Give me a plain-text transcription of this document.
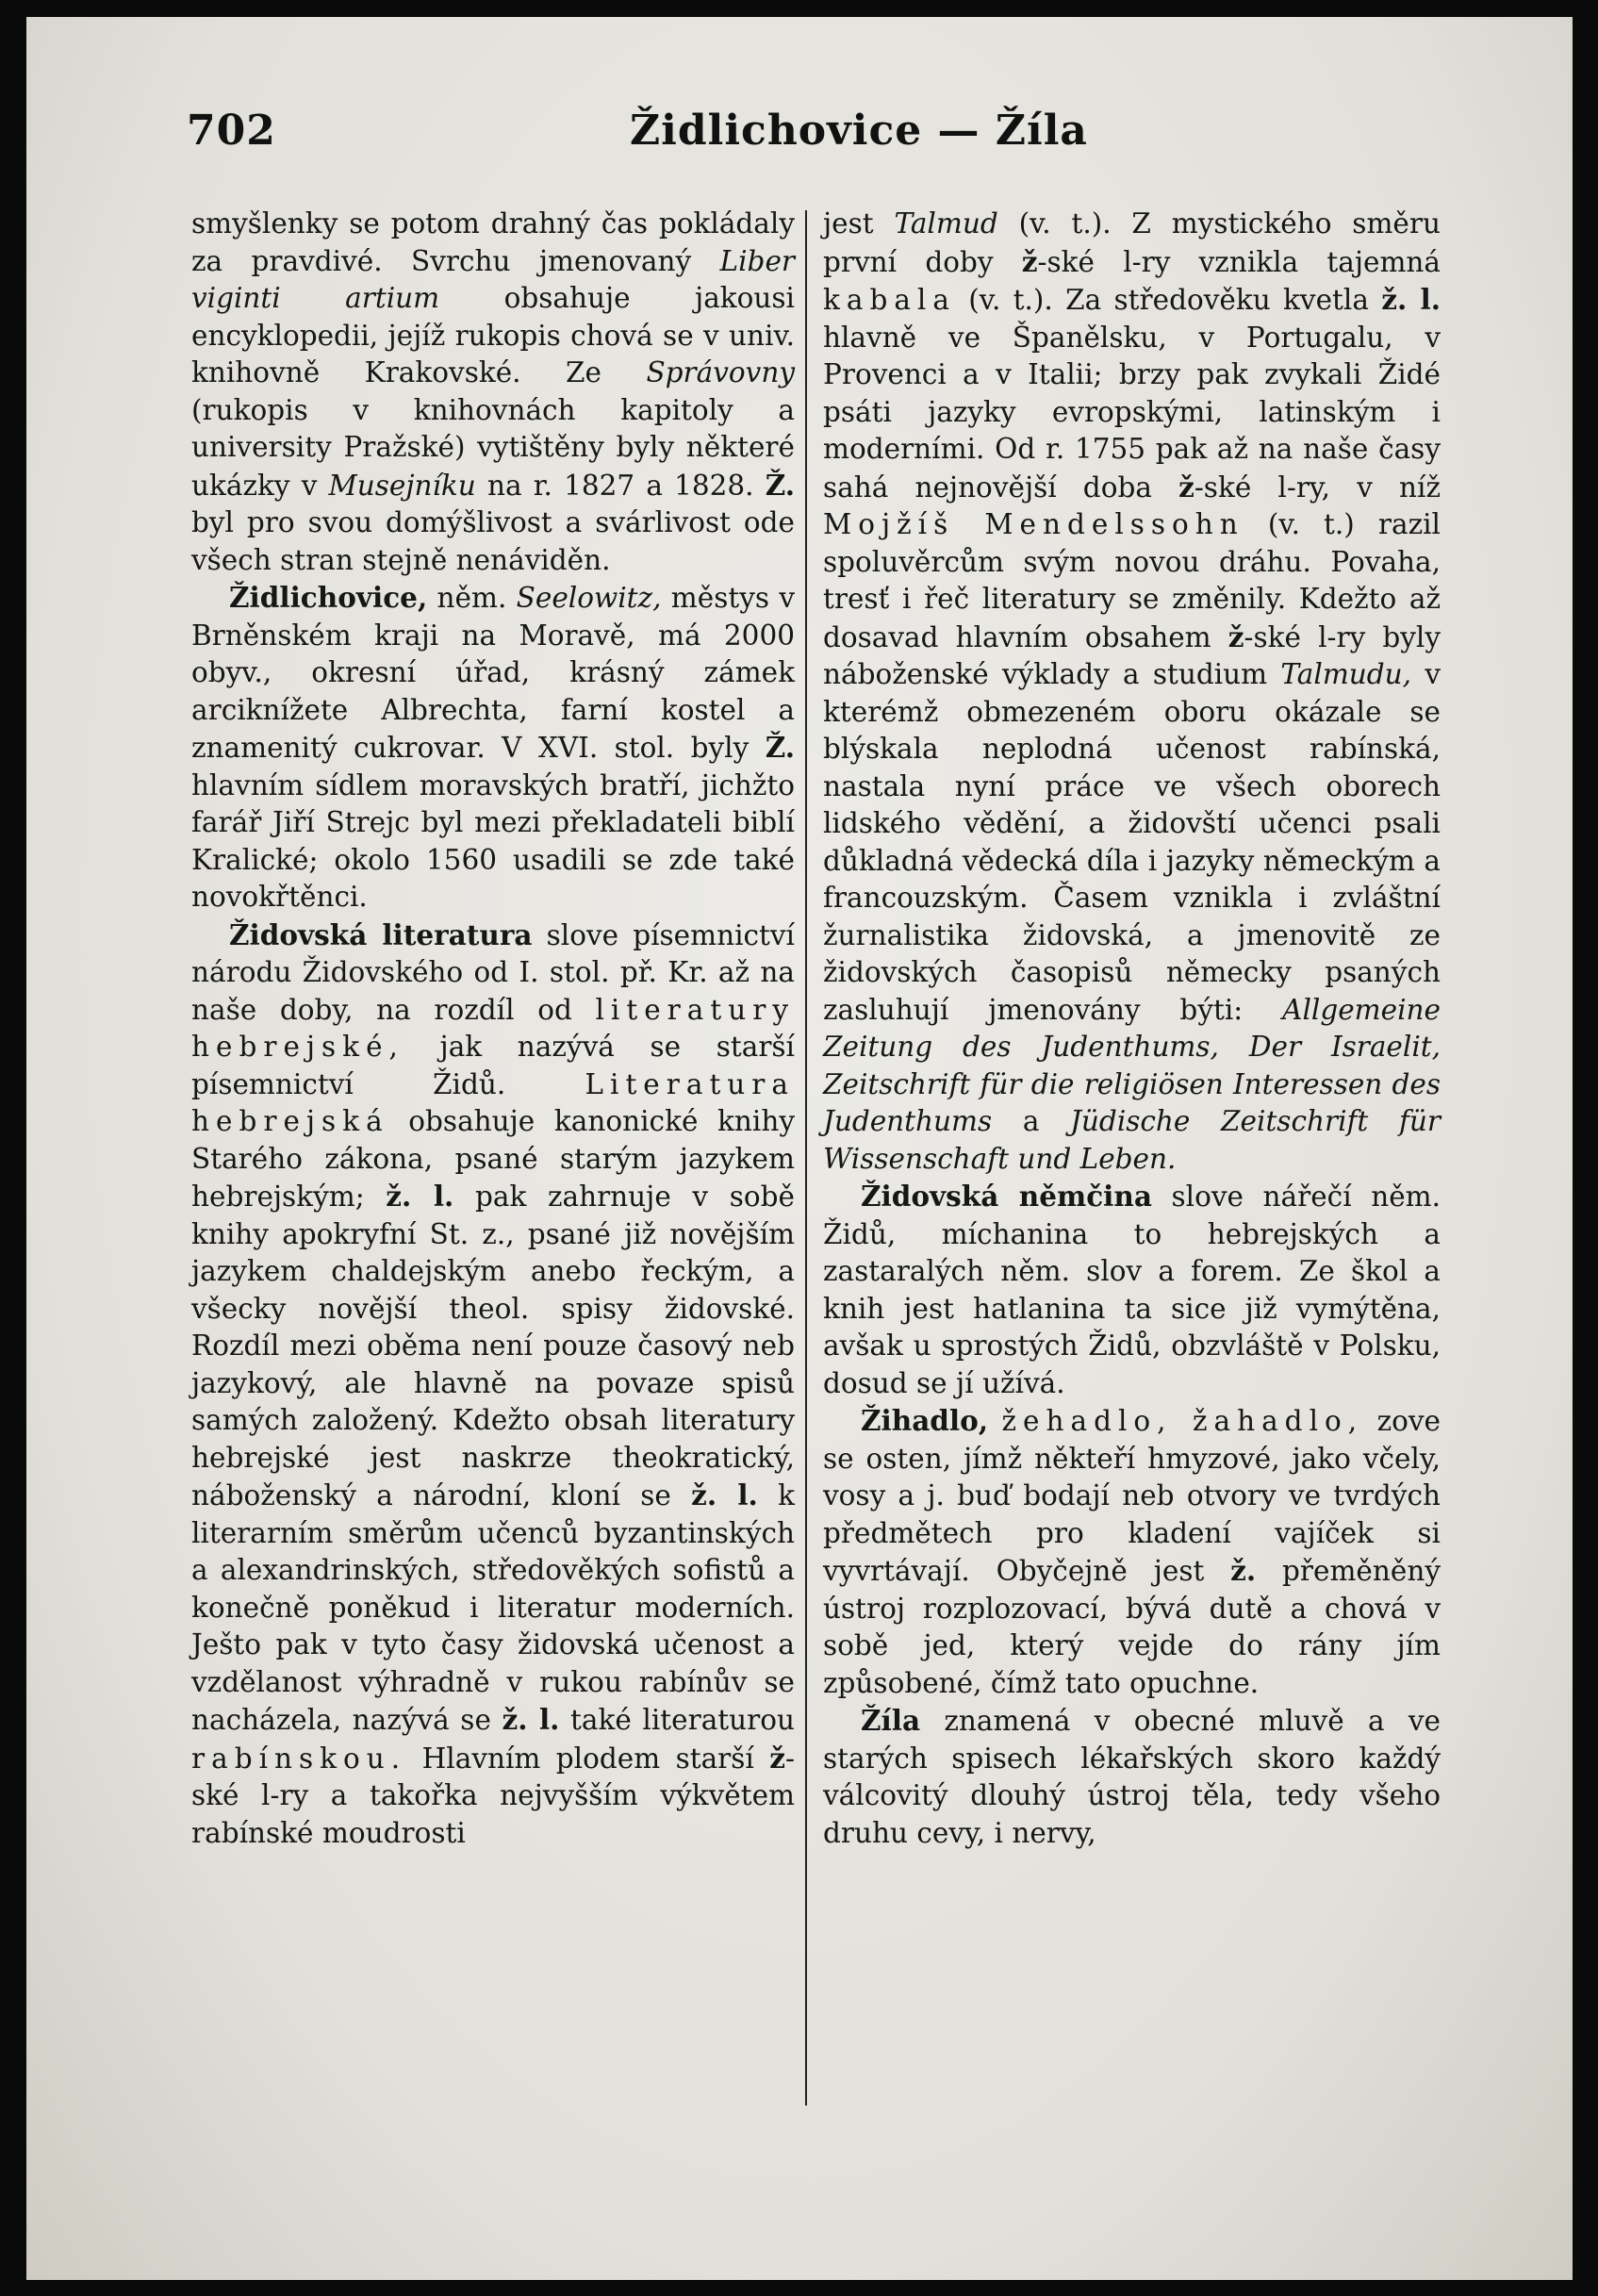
702	Židlichovice — Žíla

smyšlenky se potom drahný čas pokládaly za pravdivé. Svrchu jmenovaný Liber viginti artium obsahuje jakousi encyklopedii, jejíž rukopis chová se v univ. knihovně Krakovské. Ze Správovny (rukopis v knihovnách kapitoly a university Pražské) vytištěny byly některé ukázky v Musejníku na r. 1827 a 1828. Ž. byl pro svou domýšlivost a svárlivost ode všech stran stejně nenáviděn.

Židlichovice, něm. Seelowitz, městys v Brněnském kraji na Moravě, má 2000 obyv., okresní úřad, krásný zámek arciknížete Albrechta, farní kostel a znamenitý cukrovar. V XVI. stol. byly Ž. hlavním sídlem moravských bratří, jichžto farář Jiří Strejc byl mezi překladateli biblí Kralické; okolo 1560 usadili se zde také novokřtěnci.

Židovská literatura slove písemnictví národu Židovského od I. stol. př. Kr. až na naše doby, na rozdíl od literatury hebrejské, jak nazývá se starší písemnictví Židů. Literatura hebrejská obsahuje kanonické knihy Starého zákona, psané starým jazykem hebrejským; ž. l. pak zahrnuje v sobě knihy apokryfní St. z., psané již novějším jazykem chaldejským anebo řeckým, a všecky novější theol. spisy židovské. Rozdíl mezi oběma není pouze časový neb jazykový, ale hlavně na povaze spisů samých založený. Kdežto obsah literatury hebrejské jest naskrze theokratický, náboženský a národní, kloní se ž. l. k literarním směrům učenců byzantinských a alexandrinských, středověkých sofistů a konečně poněkud i literatur moderních. Ješto pak v tyto časy židovská učenost a vzdělanost výhradně v rukou rabínův se nacházela, nazývá se ž. l. také literaturou rabínskou. Hlavním plodem starší ž-ské l-ry a takořka nejvyšším výkvětem rabínské moudrosti

jest Talmud (v. t.). Z mystického směru první doby ž-ské l-ry vznikla tajemná kabala (v. t.). Za středověku kvetla ž. l. hlavně ve Španělsku, v Portugalu, v Provenci a v Italii; brzy pak zvykali Židé psáti jazyky evropskými, latinským i moderními. Od r. 1755 pak až na naše časy sahá nejnovější doba ž-ské l-ry, v níž Mojžíš Mendelssohn (v. t.) razil spoluvěrcům svým novou dráhu. Povaha, tresť i řeč literatury se změnily. Kdežto až dosavad hlavním obsahem ž-ské l-ry byly náboženské výklady a studium Talmudu, v kterémž obmezeném oboru okázale se blýskala neplodná učenost rabínská, nastala nyní práce ve všech oborech lidského vědění, a židovští učenci psali důkladná vědecká díla i jazyky německým a francouzským. Časem vznikla i zvláštní žurnalistika židovská, a jmenovitě ze židovských časopisů německy psaných zasluhují jmenovány býti: Allgemeine Zeitung des Judenthums, Der Israelit, Zeitschrift für die religiösen Interessen des Judenthums a Jüdische Zeitschrift für Wissenschaft und Leben.

Židovská němčina slove nářečí něm. Židů, míchanina to hebrejských a zastaralých něm. slov a forem. Ze škol a knih jest hatlanina ta sice již vymýtěna, avšak u sprostých Židů, obzvláště v Polsku, dosud se jí užívá.

Žihadlo, žehadlo, žahadlo, zove se osten, jímž někteří hmyzové, jako včely, vosy a j. buď bodají neb otvory ve tvrdých předmětech pro kladení vajíček si vyvrtávají. Obyčejně jest ž. přeměněný ústroj rozplozovací, bývá dutě a chová v sobě jed, který vejde do rány jím způsobené, čímž tato opuchne.

Žíla znamená v obecné mluvě a ve starých spisech lékařských skoro každý válcovitý dlouhý ústroj těla, tedy všeho druhu cevy, i nervy,
